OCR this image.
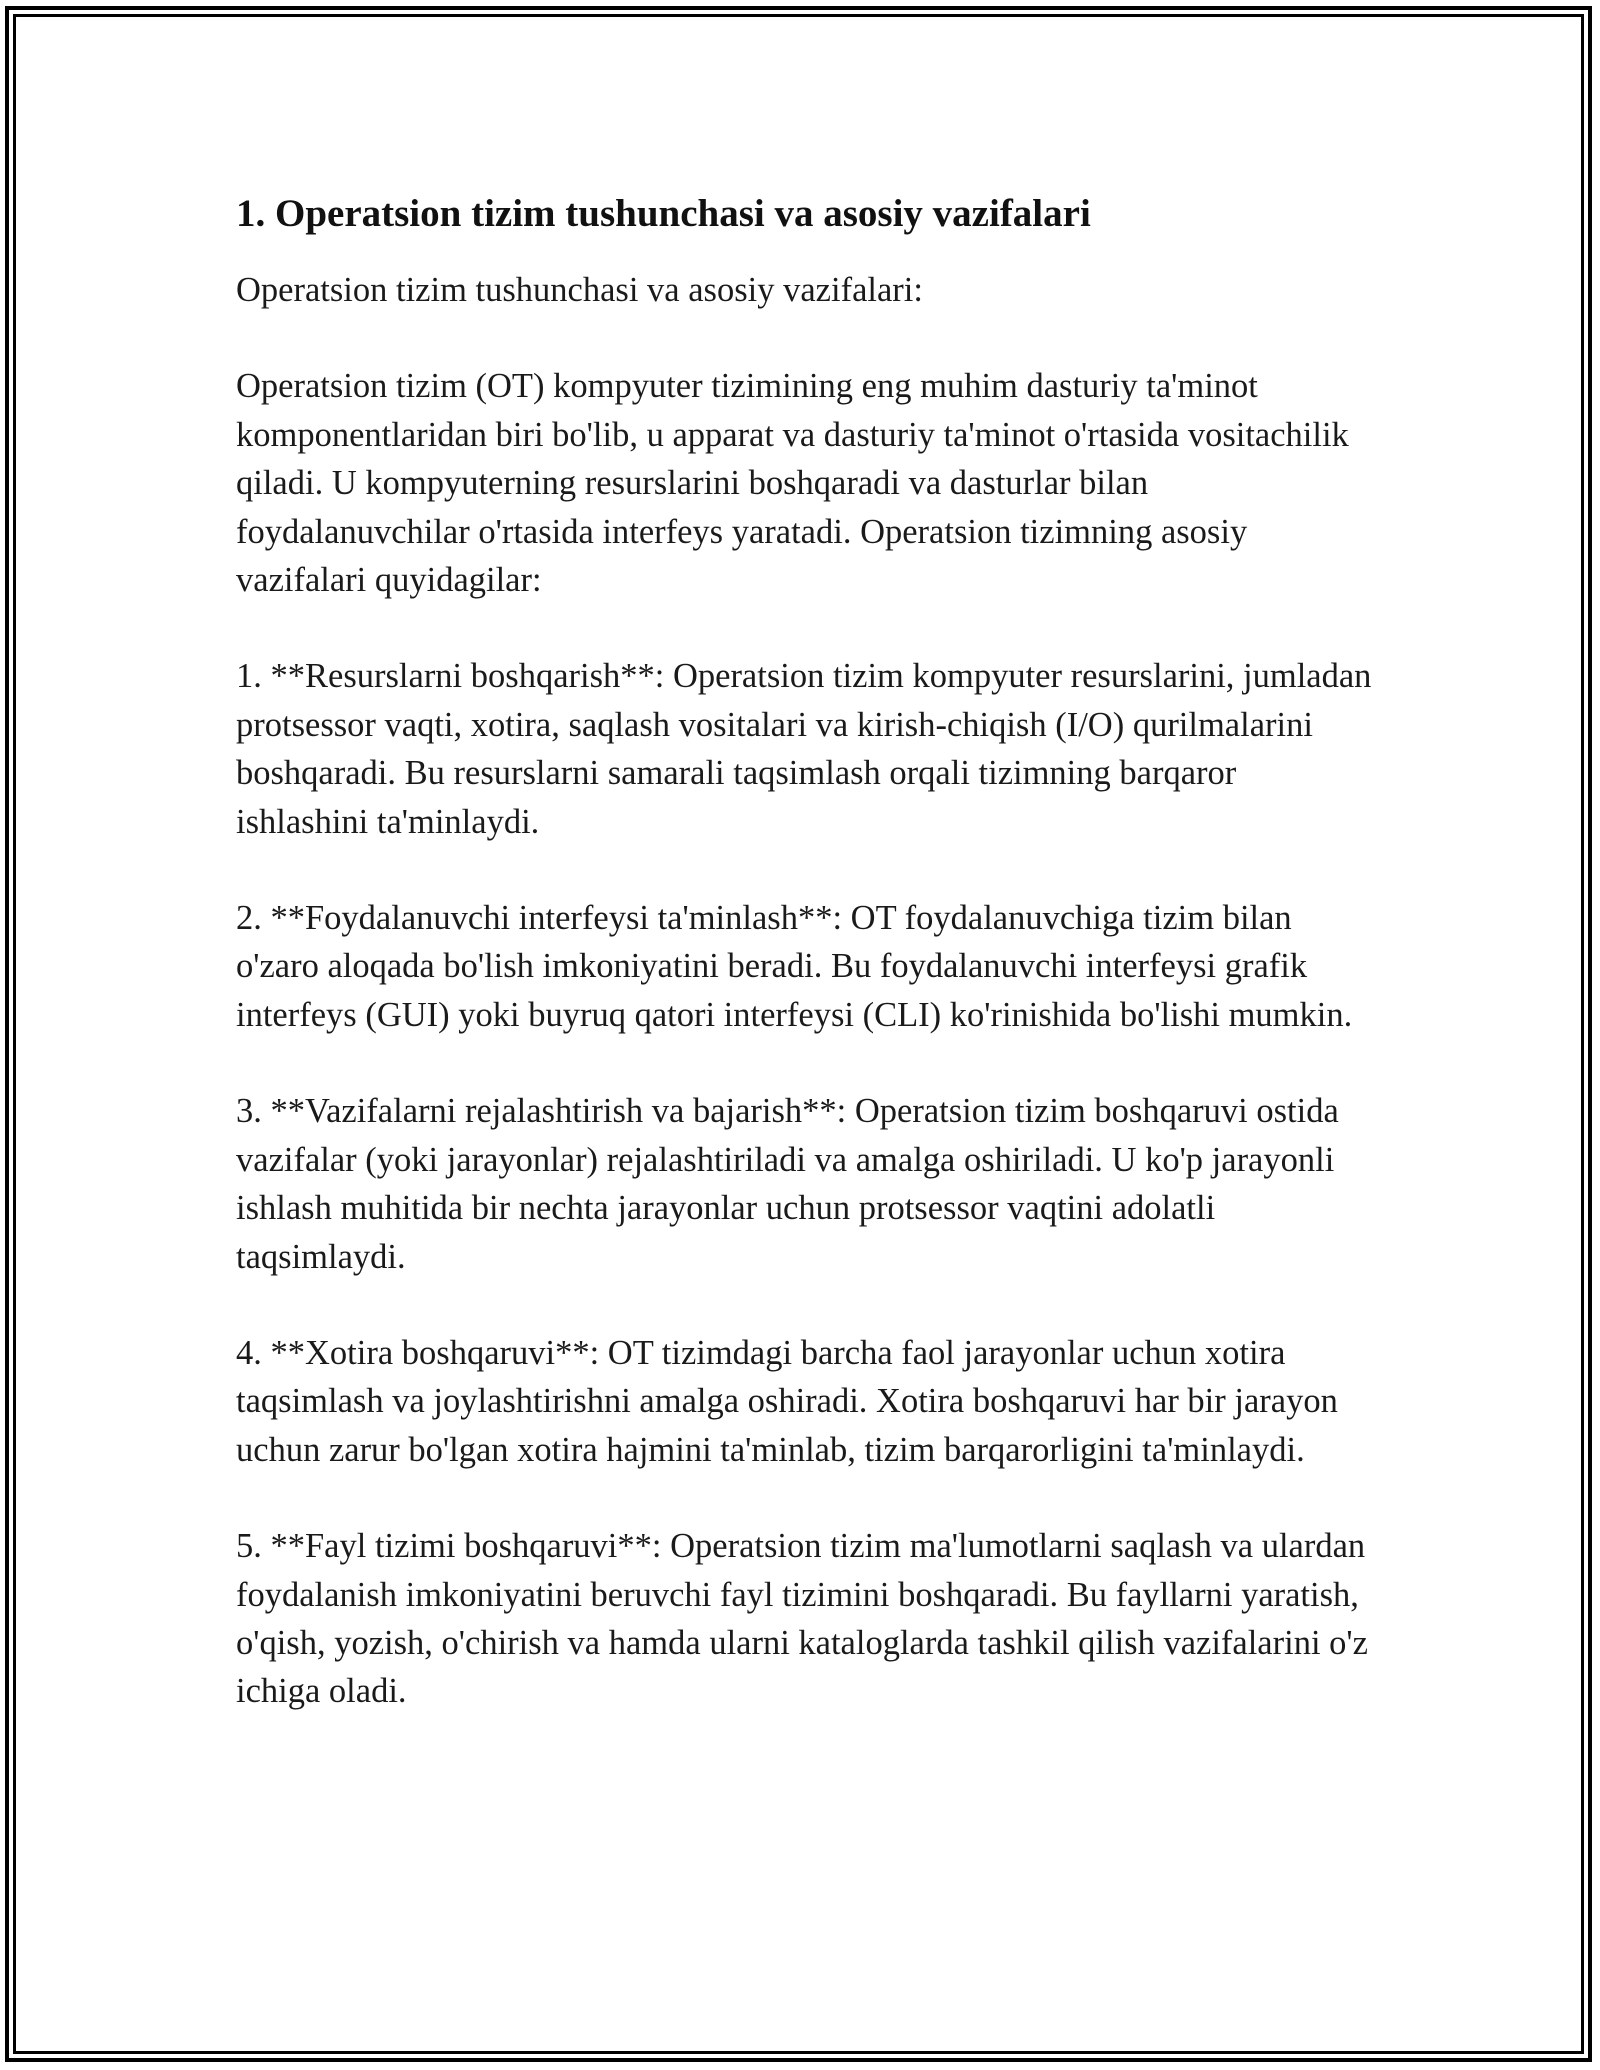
1. Operatsion tizim tushunchasi va asosiy vazifalari

Operatsion tizim tushunchasi va asosiy vazifalari:

Operatsion tizim (OT) kompyuter tizimining eng muhim dasturiy ta'minot komponentlaridan biri bo'lib, u apparat va dasturiy ta'minot o'rtasida vositachilik qiladi. U kompyuterning resurslarini boshqaradi va dasturlar bilan foydalanuvchilar o'rtasida interfeys yaratadi. Operatsion tizimning asosiy vazifalari quyidagilar:

1. **Resurslarni boshqarish**: Operatsion tizim kompyuter resurslarini, jumladan protsessor vaqti, xotira, saqlash vositalari va kirish-chiqish (I/O) qurilmalarini boshqaradi. Bu resurslarni samarali taqsimlash orqali tizimning barqaror ishlashini ta'minlaydi.

2. **Foydalanuvchi interfeysi ta'minlash**: OT foydalanuvchiga tizim bilan o'zaro aloqada bo'lish imkoniyatini beradi. Bu foydalanuvchi interfeysi grafik interfeys (GUI) yoki buyruq qatori interfeysi (CLI) ko'rinishida bo'lishi mumkin.

3. **Vazifalarni rejalashtirish va bajarish**: Operatsion tizim boshqaruvi ostida vazifalar (yoki jarayonlar) rejalashtiriladi va amalga oshiriladi. U ko'p jarayonli ishlash muhitida bir nechta jarayonlar uchun protsessor vaqtini adolatli taqsimlaydi.

4. **Xotira boshqaruvi**: OT tizimdagi barcha faol jarayonlar uchun xotira taqsimlash va joylashtirishni amalga oshiradi. Xotira boshqaruvi har bir jarayon uchun zarur bo'lgan xotira hajmini ta'minlab, tizim barqarorligini ta'minlaydi.

5. **Fayl tizimi boshqaruvi**: Operatsion tizim ma'lumotlarni saqlash va ulardan foydalanish imkoniyatini beruvchi fayl tizimini boshqaradi. Bu fayllarni yaratish, o'qish, yozish, o'chirish va hamda ularni kataloglarda tashkil qilish vazifalarini o'z ichiga oladi.
